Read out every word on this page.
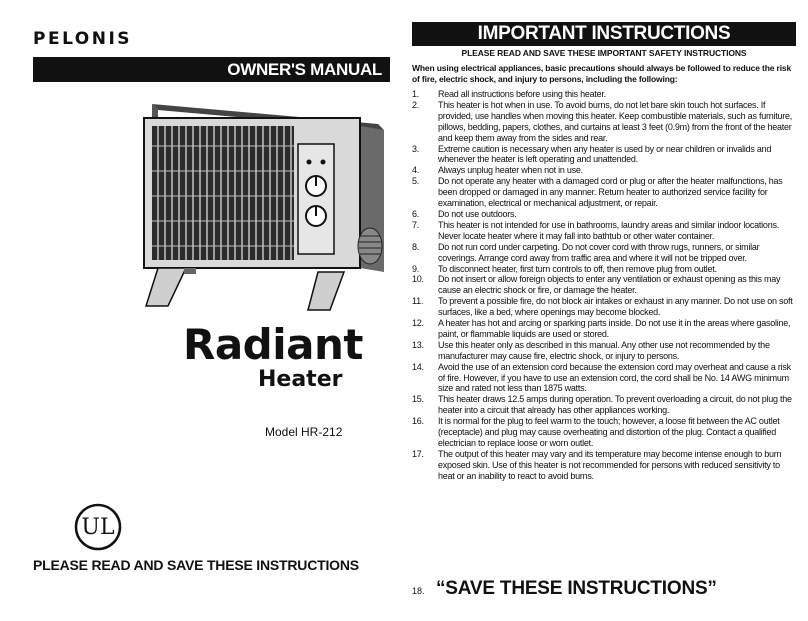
PELONIS
OWNER'S MANUAL
Radiant
Heater
Model HR-212
UL
PLEASE READ AND SAVE THESE INSTRUCTIONS
IMPORTANT INSTRUCTIONS
PLEASE READ AND SAVE THESE IMPORTANT SAFETY INSTRUCTIONS
When using electrical appliances, basic precautions should always be followed to reduce the risk of fire, electric shock, and injury to persons, including the following:
1.	Read all instructions before using this heater.
2.	This heater is hot when in use. To avoid burns, do not let bare skin touch hot surfaces. If provided, use handles when moving this heater. Keep combustible materials, such as furniture, pillows, bedding, papers, clothes, and curtains at least 3 feet (0.9m) from the front of the heater and keep them away from the sides and rear.
3.	Extreme caution is necessary when any heater is used by or near children or invalids and whenever the heater is left operating and unattended.
4.	Always unplug heater when not in use.
5.	Do not operate any heater with a damaged cord or plug or after the heater malfunctions, has been dropped or damaged in any manner. Return heater to authorized service facility for examination, electrical or mechanical adjustment, or repair.
6.	Do not use outdoors.
7.	This heater is not intended for use in bathrooms, laundry areas and similar indoor locations. Never locate heater where it may fall into bathtub or other water container.
8.	Do not run cord under carpeting. Do not cover cord with throw rugs, runners, or similar coverings. Arrange cord away from traffic area and where it will not be tripped over.
9.	To disconnect heater, first turn controls to off, then remove plug from outlet.
10.	Do not insert or allow foreign objects to enter any ventilation or exhaust opening as this may cause an electric shock or fire, or damage the heater.
11.	To prevent a possible fire, do not block air intakes or exhaust in any manner. Do not use on soft surfaces, like a bed, where openings may become blocked.
12.	A heater has hot and arcing or sparking parts inside. Do not use it in the areas where gasoline, paint, or flammable liquids are used or stored.
13.	Use this heater only as described in this manual. Any other use not recommended by the manufacturer may cause fire, electric shock, or injury to persons.
14.	Avoid the use of an extension cord because the extension cord may overheat and cause a risk of fire. However, if you have to use an extension cord, the cord shall be No. 14 AWG minimum size and rated not less than 1875 watts.
15.	This heater draws 12.5 amps during operation. To prevent overloading a circuit, do not plug the heater into a circuit that already has other appliances working.
16.	It is normal for the plug to feel warm to the touch; however, a loose fit between the AC outlet (receptacle) and plug may cause overheating and distortion of the plug. Contact a qualified electrician to replace loose or worn outlet.
17.	The output of this heater may vary and its temperature may become intense enough to burn exposed skin. Use of this heater is not recommended for persons with reduced sensitivity to heat or an inability to react to avoid burns.
18. “SAVE THESE INSTRUCTIONS”
